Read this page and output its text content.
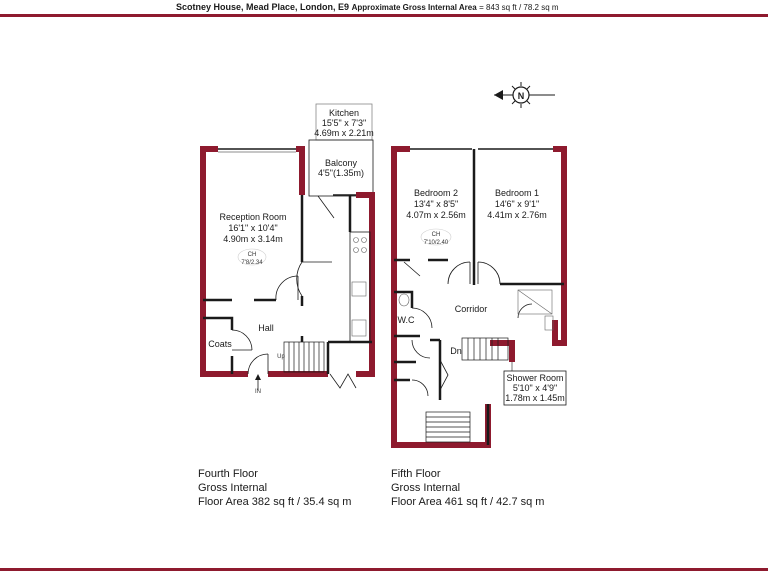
Scotney House, Mead Place, London, E9 Approximate Gross Internal Area = 843 sq ft / 78.2 sq m
N
Kitchen
15'5" x 7'3"
4.69m x 2.21m
Balcony
4'5"(1.35m)
Reception Room
16'1" x 10'4"
4.90m x 3.14m
CH
7'8/2.34
Hall
Coats
Up
IN
Bedroom 2
13'4" x 8'5"
4.07m x 2.56m
CH
7'10/2.40
Bedroom 1
14'6" x 9'1"
4.41m x 2.76m
Corridor
W.C
Dn
Shower Room
5'10" x 4'9"
1.78m x 1.45m
Fourth Floor
Gross Internal
Floor Area 382 sq ft / 35.4 sq m
Fifth Floor
Gross Internal
Floor Area 461 sq ft / 42.7 sq m
